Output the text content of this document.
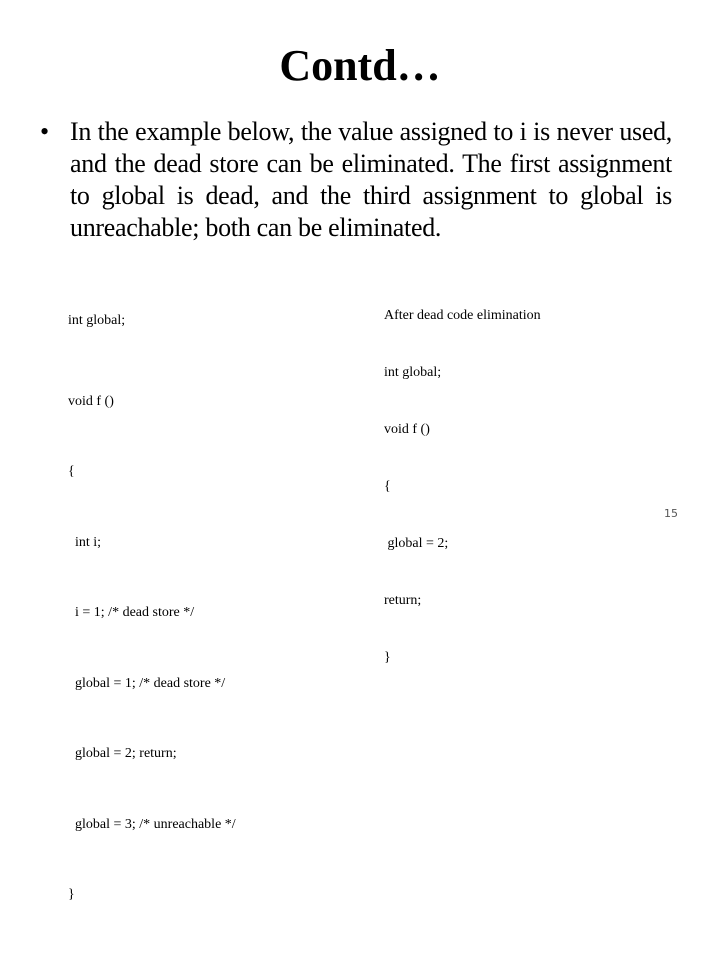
Contd…
• In the example below, the value assigned to i is never used, and the dead store can be eliminated. The first assignment to global is dead, and the third assignment to global is unreachable; both can be eliminated.

int global;

void f ()

{

int i;

i = 1; /* dead store */

global = 1; /* dead store */

global = 2; return;

global = 3; /* unreachable */

}

After dead code elimination

int global;

void f ()

{

global = 2;

return;

}

15
